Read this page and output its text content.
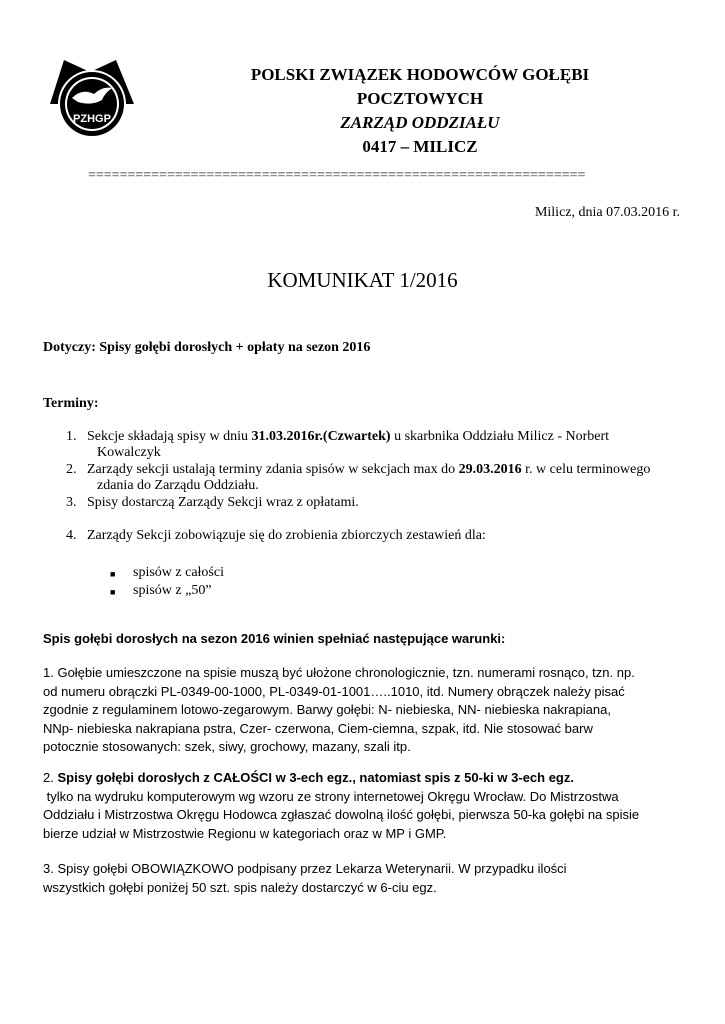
PZHGP
POLSKI ZWIĄZEK HODOWCÓW GOŁĘBI
POCZTOWYCH
ZARZĄD ODDZIAŁU
0417 – MILICZ
===============================================================
Milicz, dnia 07.03.2016 r.
KOMUNIKAT 1/2016
Dotyczy: Spisy gołębi dorosłych + opłaty na sezon 2016
Terminy:
1. Sekcje składają spisy w dniu 31.03.2016r.(Czwartek) u skarbnika Oddziału Milicz - Norbert
Kowalczyk
2. Zarządy sekcji ustalają terminy zdania spisów w sekcjach max do 29.03.2016 r. w celu terminowego
zdania do Zarządu Oddziału.
3. Spisy dostarczą Zarządy Sekcji wraz z opłatami.
4. Zarządy Sekcji zobowiązuje się do zrobienia zbiorczych zestawień dla:
■ spisów z całości
■ spisów z „50”
Spis gołębi dorosłych na sezon 2016 winien spełniać następujące warunki:

1. Gołębie umieszczone na spisie muszą być ułożone chronologicznie, tzn. numerami rosnąco, tzn. np.

od numeru obrączki PL-0349-00-1000, PL-0349-01-1001…..1010, itd. Numery obrączek należy pisać

zgodnie z regulaminem lotowo-zegarowym. Barwy gołębi: N- niebieska, NN- niebieska nakrapiana,

NNp- niebieska nakrapiana pstra, Czer- czerwona, Ciem-ciemna, szpak, itd. Nie stosować barw

potocznie stosowanych: szek, siwy, grochowy, mazany, szali itp.

2. Spisy gołębi dorosłych z CAŁOŚCI w 3-ech egz., natomiast spis z 50-ki w 3-ech egz.

tylko na wydruku komputerowym wg wzoru ze strony internetowej Okręgu Wrocław. Do Mistrzostwa

Oddziału i Mistrzostwa Okręgu Hodowca zgłaszać dowolną ilość gołębi, pierwsza 50-ka gołębi na spisie

bierze udział w Mistrzostwie Regionu w kategoriach oraz w MP i GMP.

3. Spisy gołębi OBOWIĄZKOWO podpisany przez Lekarza Weterynarii. W przypadku ilości

wszystkich gołębi poniżej 50 szt. spis należy dostarczyć w 6-ciu egz.
